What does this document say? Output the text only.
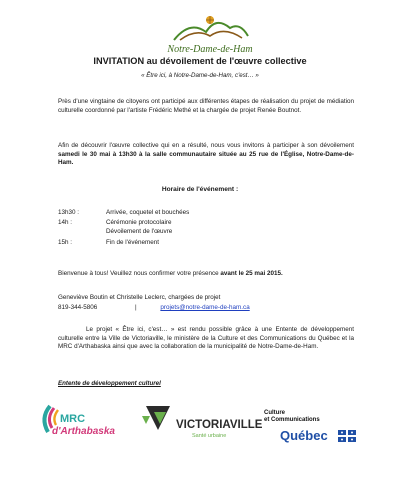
Notre-Dame-de-Ham
INVITATION au dévoilement de l'œuvre collective
« Être ici, à Notre-Dame-de-Ham, c'est… »
Près d'une vingtaine de citoyens ont participé aux différentes étapes de réalisation du projet de médiation culturelle coordonné par l'artiste Frédéric Methé et la chargée de projet Renée Boutnot.
Afin de découvrir l'œuvre collective qui en a résulté, nous vous invitons à participer à son dévoilement samedi le 30 mai à 13h30 à la salle communautaire située au 25 rue de l'Église, Notre-Dame-de-Ham.
Horaire de l'événement :
13h30 :	Arrivée, coquetel et bouchées
14h :	Cérémonie protocolaire
Dévoilement de l'œuvre
15h :	Fin de l'événement
Bienvenue à tous! Veuillez nous confirmer votre présence avant le 25 mai 2015.
Geneviève Boutin et Christelle Leclerc, chargées de projet
819-344-5806	|	projets@notre-dame-de-ham.ca
Le projet « Être ici, c'est… » est rendu possible grâce à une Entente de développement culturelle entre la Ville de Victoriaville, le ministère de la Culture et des Communications du Québec et la MRC d'Arthabaska ainsi que avec la collaboration de la municipalité de Notre-Dame-de-Ham.
Entente de développement culturel
MRC
d'Arthabaska
VICTORIAVILLE
Santé urbaine
Culture
et Communications
Québec
